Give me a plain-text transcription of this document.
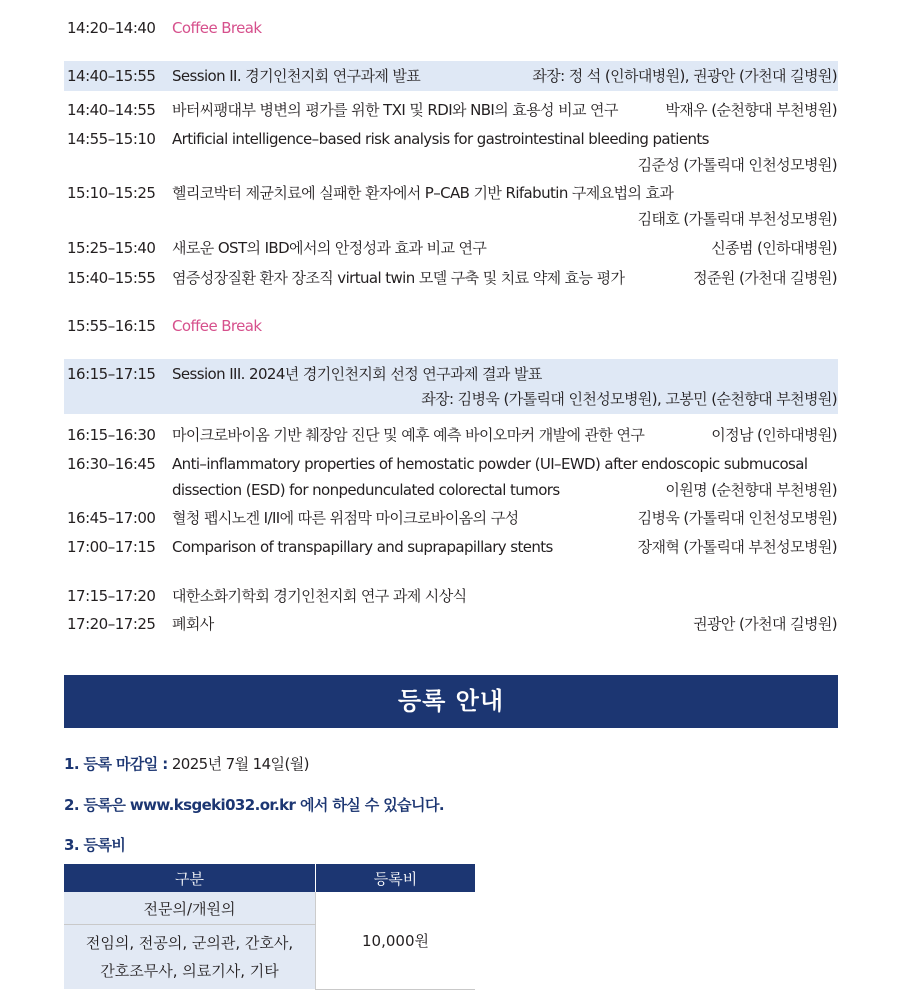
14:20–14:40 Coffee Break
14:40–15:55 Session II. 경기인천지회 연구과제 발표	좌장: 정 석 (인하대병원), 권광안 (가천대 길병원)
14:40–14:55 바터씨팽대부 병변의 평가를 위한 TXI 및 RDI와 NBI의 효용성 비교 연구	박재우 (순천향대 부천병원)
14:55–15:10 Artificial intelligence–based risk analysis for gastrointestinal bleeding patients
김준성 (가톨릭대 인천성모병원)
15:10–15:25 헬리코박터 제균치료에 실패한 환자에서 P–CAB 기반 Rifabutin 구제요법의 효과
김태호 (가톨릭대 부천성모병원)
15:25–15:40 새로운 OST의 IBD에서의 안정성과 효과 비교 연구	신종범 (인하대병원)
15:40–15:55 염증성장질환 환자 장조직 virtual twin 모델 구축 및 치료 약제 효능 평가	정준원 (가천대 길병원)
15:55–16:15 Coffee Break
16:15–17:15 Session III. 2024년 경기인천지회 선정 연구과제 결과 발표
좌장: 김병욱 (가톨릭대 인천성모병원), 고봉민 (순천향대 부천병원)
16:15–16:30 마이크로바이옴 기반 췌장암 진단 및 예후 예측 바이오마커 개발에 관한 연구	이정남 (인하대병원)
16:30–16:45 Anti–inflammatory properties of hemostatic powder (UI–EWD) after endoscopic submucosal
dissection (ESD) for nonpedunculated colorectal tumors	이원명 (순천향대 부천병원)
16:45–17:00 혈청 펩시노겐 I/II에 따른 위점막 마이크로바이옴의 구성	김병욱 (가톨릭대 인천성모병원)
17:00–17:15 Comparison of transpapillary and suprapapillary stents	장재혁 (가톨릭대 부천성모병원)
17:15–17:20 대한소화기학회 경기인천지회 연구 과제 시상식
17:20–17:25 폐회사	권광안 (가천대 길병원)
등록 안내
1. 등록 마감일 : 2025년 7월 14일(월)
2. 등록은 www.ksgeki032.or.kr 에서 하실 수 있습니다.
3. 등록비
구분	등록비
전문의/개원의	10,000원
전임의, 전공의, 군의관, 간호사,
간호조무사, 의료기사, 기타	
